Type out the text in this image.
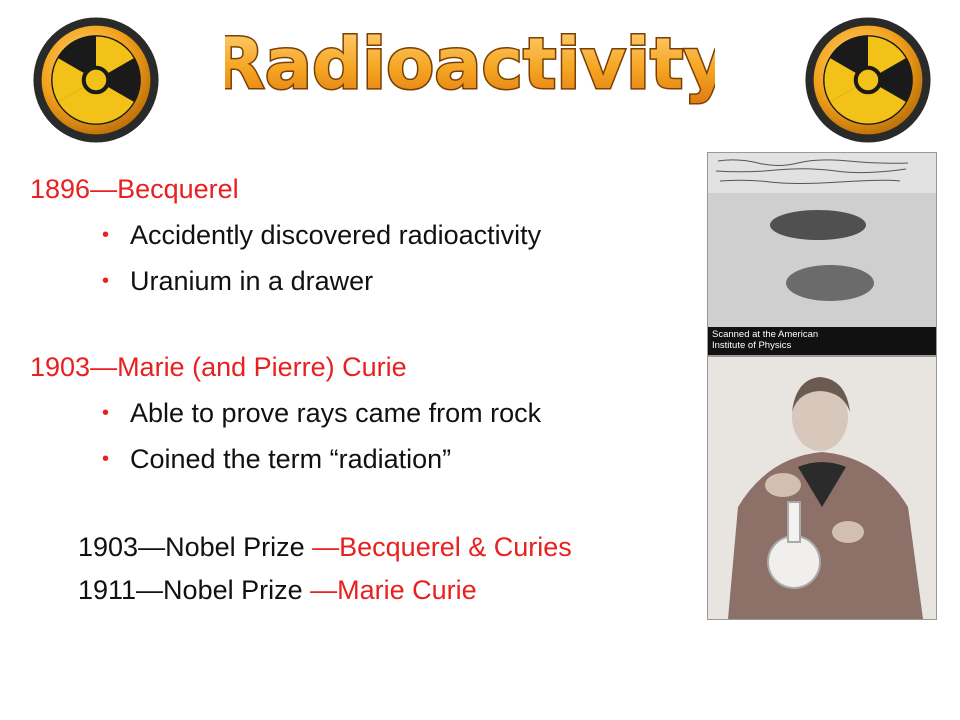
Radioactivity
1896—Becquerel
• Accidently discovered radioactivity
• Uranium in a drawer
1903—Marie (and Pierre) Curie
• Able to prove rays came from rock
• Coined the term “radiation”
1903—Nobel Prize —Becquerel & Curies
1911—Nobel Prize —Marie Curie
Scanned at the American
Institute of Physics
